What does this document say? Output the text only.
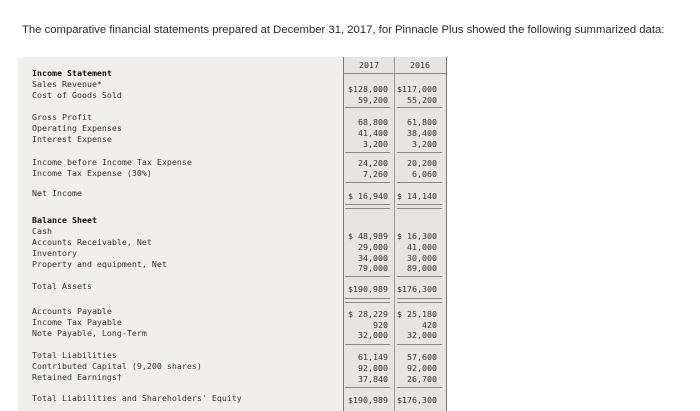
The comparative financial statements prepared at December 31, 2017, for Pinnacle Plus showed the following summarized data:
2017	2016
Income Statement
Sales Revenue*	$128,000 $117,000
Cost of Goods Sold	59,200 55,200
Gross Profit	68,800 61,800
Operating Expenses	41,400 38,400
Interest Expense	3,200	3,200
Income before Income Tax Expense	24,200 20,200
Income Tax Expense (30%)	7,260	6,060
Net Income	$ 16,940 $ 14,140
Balance Sheet
Cash	$ 48,989 $ 16,300
Accounts Receivable, Net	29,000 41,000
Inventory	34,000 30,000
Property and equipment, Net	79,000 89,000
Total Assets	$190,989 $176,300
Accounts Payable	$ 28,229 $ 25,180
Income Tax Payable	920	420
Note Payable, Long-Term	32,000 32,000
Total Liabilities	61,149 57,600
Contributed Capital (9,200 shares)	92,000 92,000
Retained Earnings†	37,840 26,700
Total Liabilities and Shareholders' Equity	$190,989 $176,300
